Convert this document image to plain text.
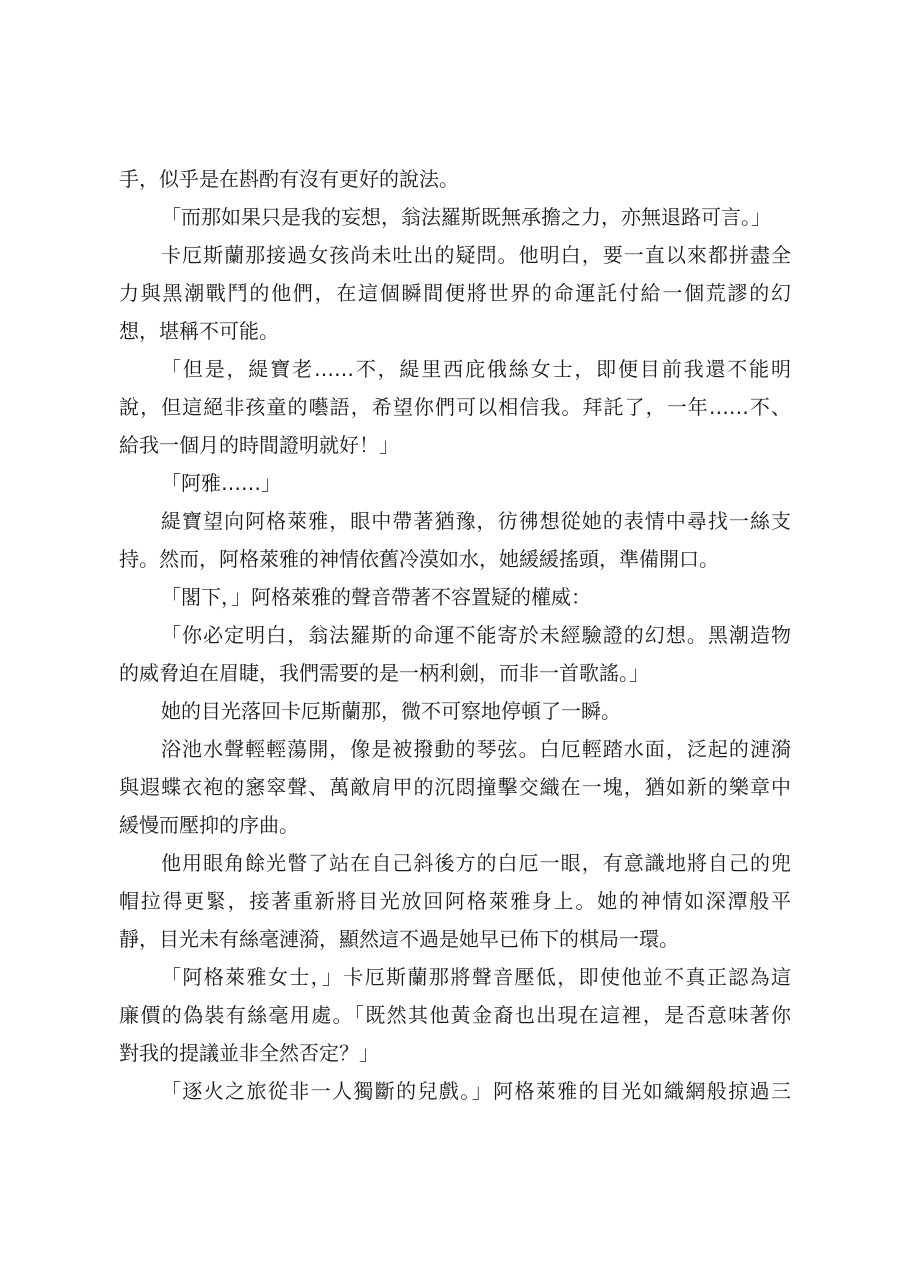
手，似乎是在斟酌有沒有更好的說法。
「而那如果只是我的妄想，翁法羅斯既無承擔之力，亦無退路可言。」
卡厄斯蘭那接過女孩尚未吐出的疑問。他明白，要一直以來都拼盡全
力與黑潮戰鬥的他們，在這個瞬間便將世界的命運託付給一個荒謬的幻
想，堪稱不可能。
「但是，緹寶老……不，緹里西庇俄絲女士，即便目前我還不能明
說，但這絕非孩童的囈語，希望你們可以相信我。拜託了，一年……不、
給我一個月的時間證明就好！」
「阿雅……」
緹寶望向阿格萊雅，眼中帶著猶豫，彷彿想從她的表情中尋找一絲支
持。然而，阿格萊雅的神情依舊冷漠如水，她緩緩搖頭，準備開口。
「閣下，」阿格萊雅的聲音帶著不容置疑的權威：
「你必定明白，翁法羅斯的命運不能寄於未經驗證的幻想。黑潮造物
的威脅迫在眉睫，我們需要的是一柄利劍，而非一首歌謠。」
她的目光落回卡厄斯蘭那，微不可察地停頓了一瞬。
浴池水聲輕輕蕩開，像是被撥動的琴弦。白厄輕踏水面，泛起的漣漪
與遐蝶衣袍的窸窣聲、萬敵肩甲的沉悶撞擊交織在一塊，猶如新的樂章中
緩慢而壓抑的序曲。
他用眼角餘光瞥了站在自己斜後方的白厄一眼，有意識地將自己的兜
帽拉得更緊，接著重新將目光放回阿格萊雅身上。她的神情如深潭般平
靜，目光未有絲毫漣漪，顯然這不過是她早已佈下的棋局一環。
「阿格萊雅女士，」卡厄斯蘭那將聲音壓低，即使他並不真正認為這
廉價的偽裝有絲毫用處。「既然其他黃金裔也出現在這裡，是否意味著你
對我的提議並非全然否定？」
「逐火之旅從非一人獨斷的兒戲。」阿格萊雅的目光如織網般掠過三
